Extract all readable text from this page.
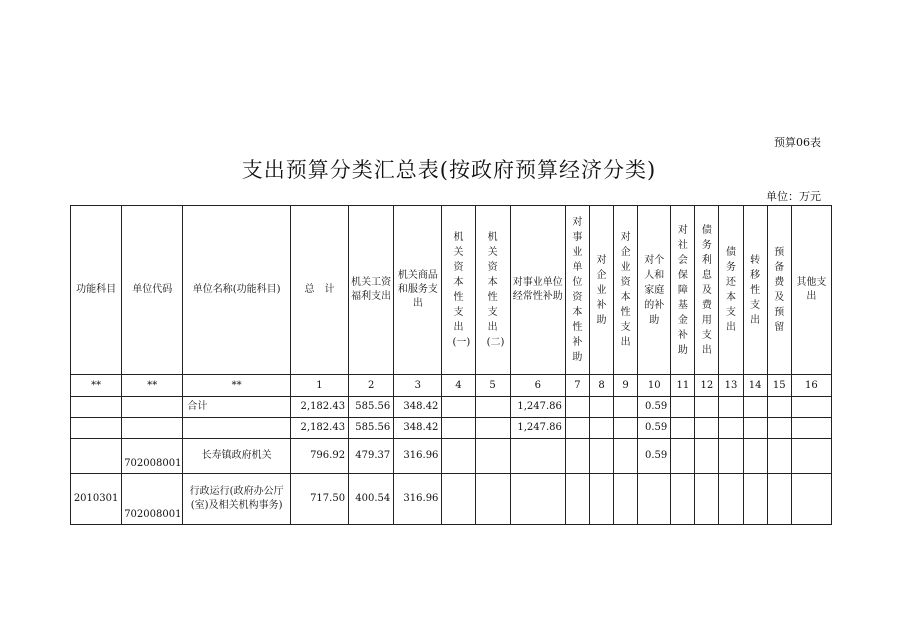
预算06表
支出预算分类汇总表(按政府预算经济分类)
单位：万元
功能科目	单位代码	单位名称(功能科目)	总　计	机关工资福利支出	机关商品和服务支出	机关资本性支出(一)	机关资本性支出(二)	对事业单位经常性补助	对事业单位资本性补助	对企业补助	对企业资本性支出	对个人和家庭的补助	对社会保障基金补助	债务利息及费用支出	债务还本支出	转移性支出	预备费及预留	其他支出
**	**	**	1	2	3	4	5	6	7	8	9	10	11	12	13	14	15	16
		合计	2,182.43	585.56	348.42			1,247.86				0.59						
			2,182.43	585.56	348.42			1,247.86				0.59						
	702008001	长寿镇政府机关	796.92	479.37	316.96							0.59						
2010301	702008001	行政运行(政府办公厅(室)及相关机构事务)	717.50	400.54	316.96													
